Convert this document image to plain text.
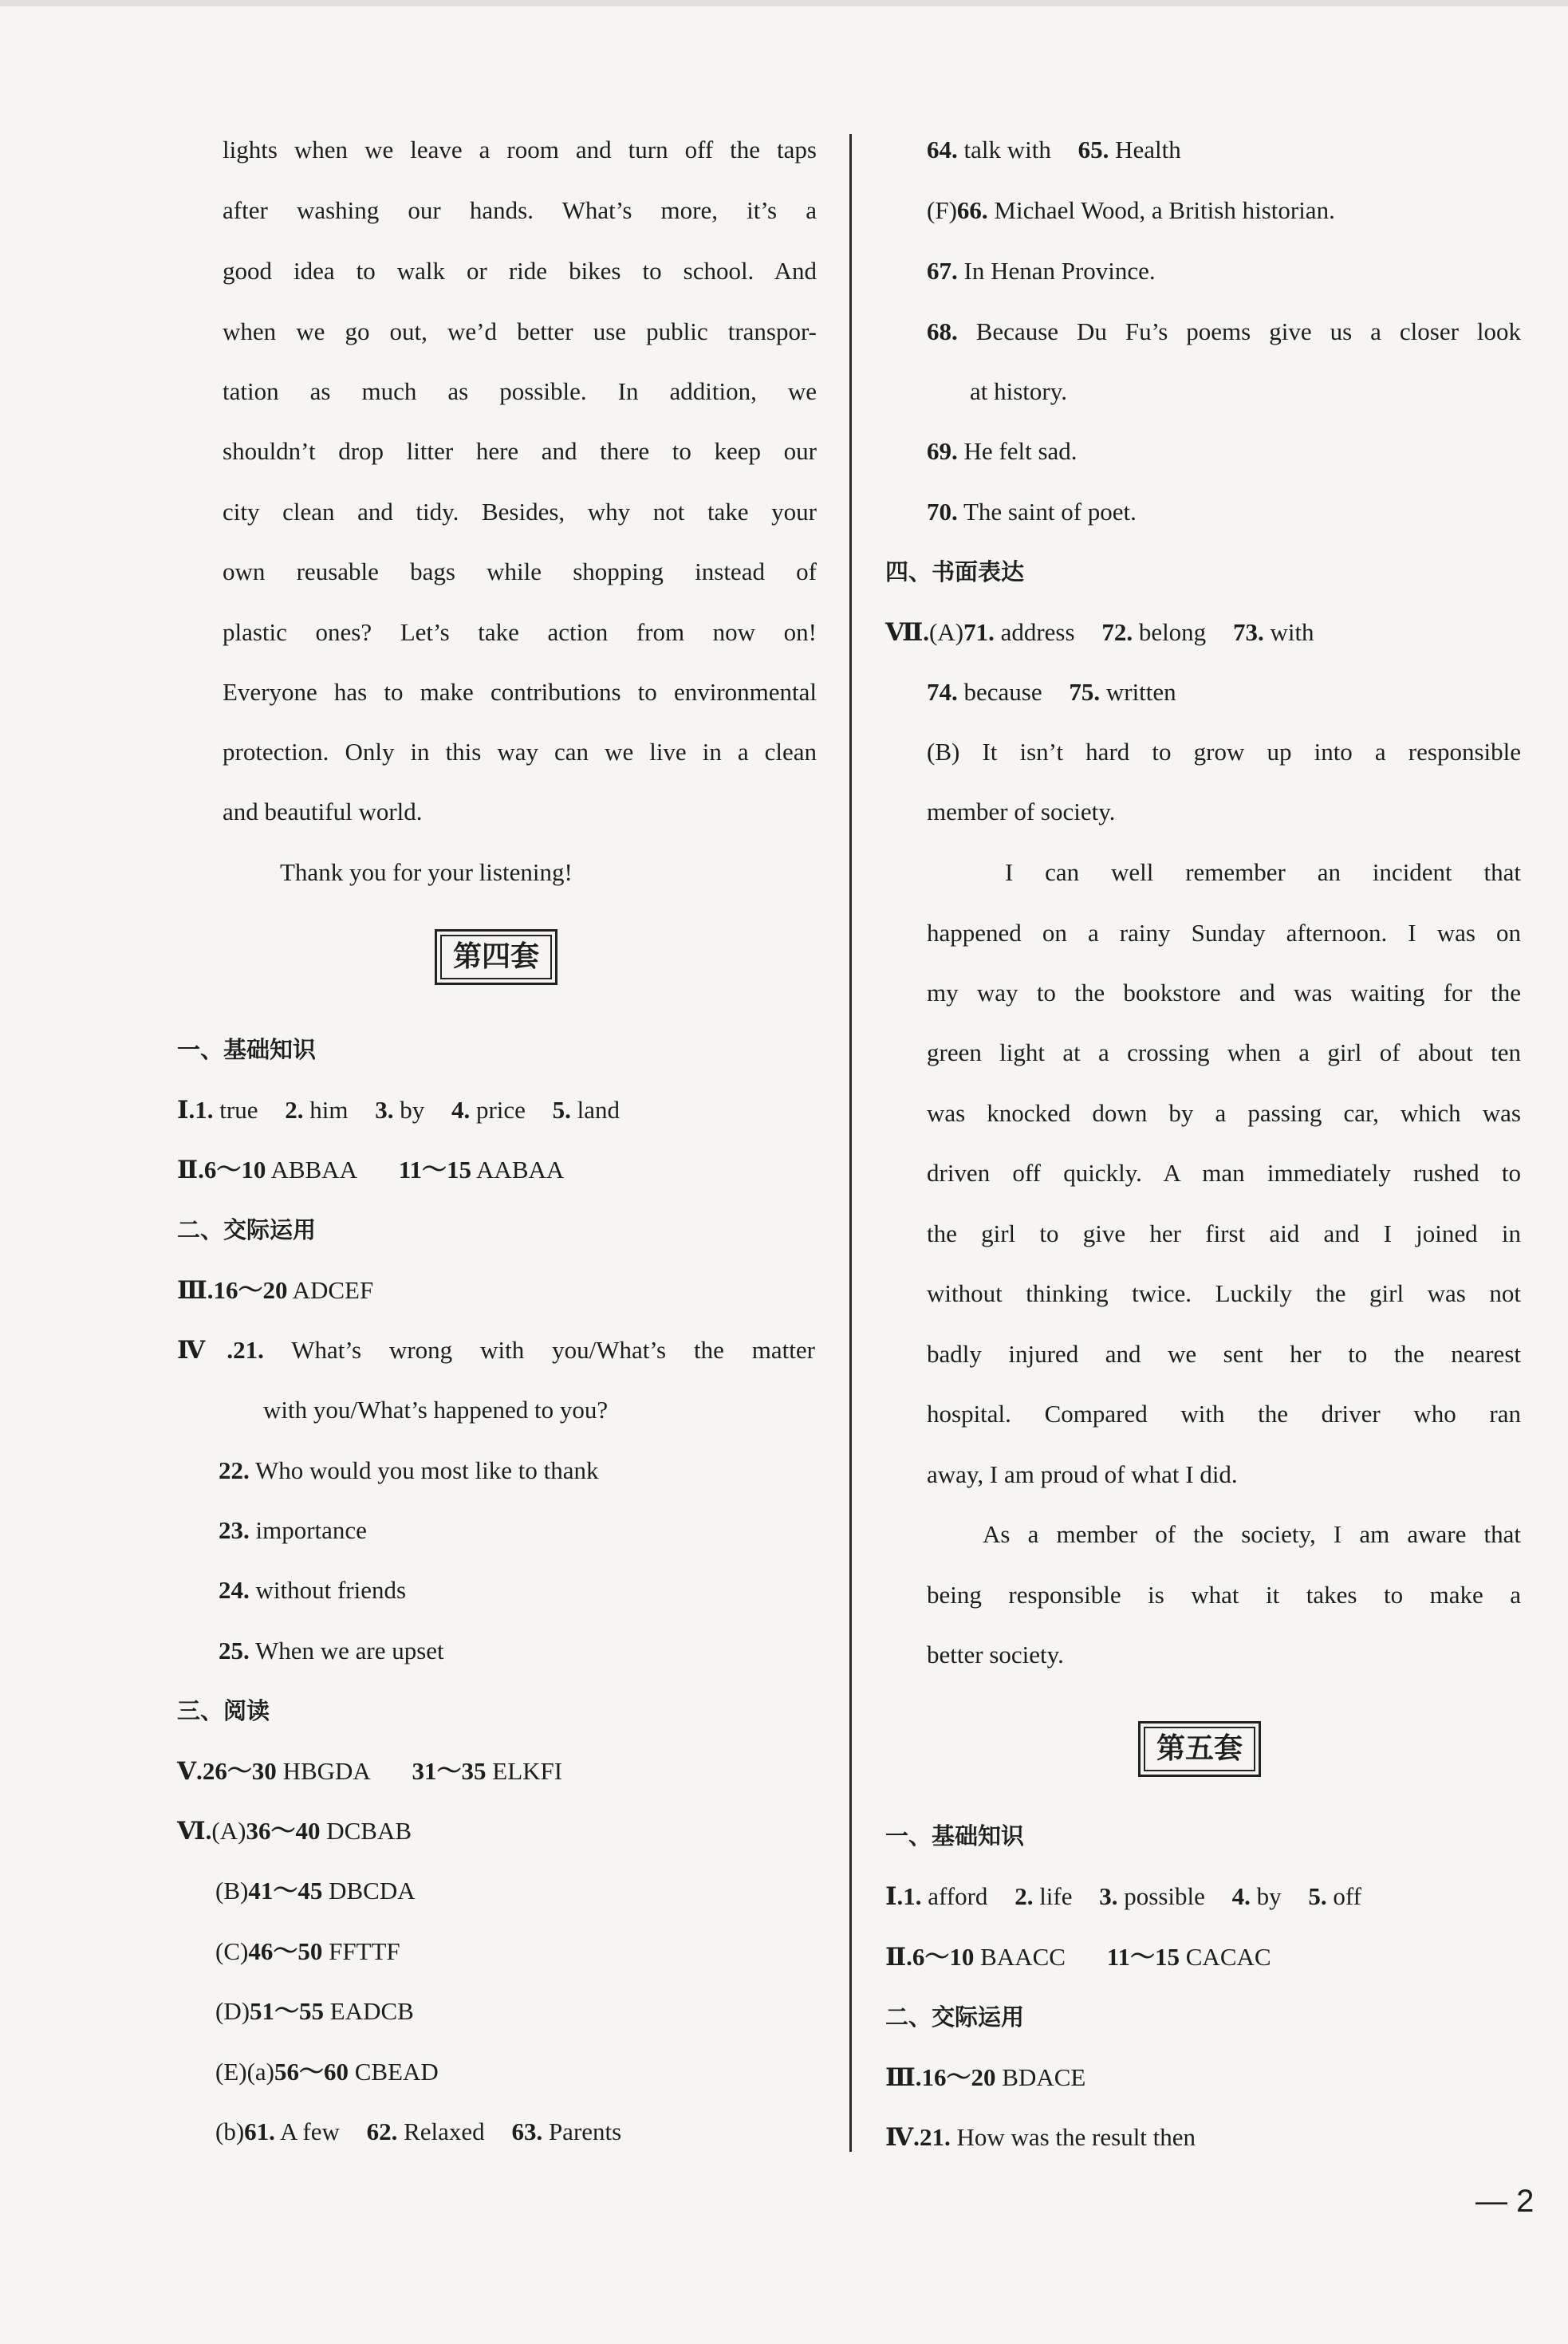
lights when we leave a room and turn off the taps
after washing our hands. What’s more, it’s a
good idea to walk or ride bikes to school. And
when we go out, we’d better use public transpor-
tation as much as possible. In addition, we
shouldn’t drop litter here and there to keep our
city clean and tidy. Besides, why not take your
own reusable bags while shopping instead of
plastic ones? Let’s take action from now on!
Everyone has to make contributions to environmental
protection. Only in this way can we live in a clean
and beautiful world.
Thank you for your listening!
第四套
一、基础知识
Ⅰ.1. true 2. him 3. by 4. price 5. land
Ⅱ.6～10 ABBAA 11～15 AABAA
二、交际运用
Ⅲ.16～20 ADCEF
Ⅳ.21. What’s wrong with you/What’s the matter
with you/What’s happened to you?
22. Who would you most like to thank
23. importance
24. without friends
25. When we are upset
三、阅读
Ⅴ.26～30 HBGDA 31～35 ELKFI
Ⅵ.(A)36～40 DCBAB
(B)41～45 DBCDA
(C)46～50 FFTTF
(D)51～55 EADCB
(E)(a)56～60 CBEAD
(b)61. A few 62. Relaxed 63. Parents
64. talk with 65. Health
(F)66. Michael Wood, a British historian.
67. In Henan Province.
68. Because Du Fu’s poems give us a closer look
at history.
69. He felt sad.
70. The saint of poet.
四、书面表达
Ⅶ.(A)71. address 72. belong 73. with
74. because 75. written
(B) It isn’t hard to grow up into a responsible
member of society.
I can well remember an incident that
happened on a rainy Sunday afternoon. I was on
my way to the bookstore and was waiting for the
green light at a crossing when a girl of about ten
was knocked down by a passing car, which was
driven off quickly. A man immediately rushed to
the girl to give her first aid and I joined in
without thinking twice. Luckily the girl was not
badly injured and we sent her to the nearest
hospital. Compared with the driver who ran
away, I am proud of what I did.
As a member of the society, I am aware that
being responsible is what it takes to make a
better society.
第五套
一、基础知识
Ⅰ.1. afford 2. life 3. possible 4. by 5. off
Ⅱ.6～10 BAACC 11～15 CACAC
二、交际运用
Ⅲ.16～20 BDACE
Ⅳ.21. How was the result then
— 2
